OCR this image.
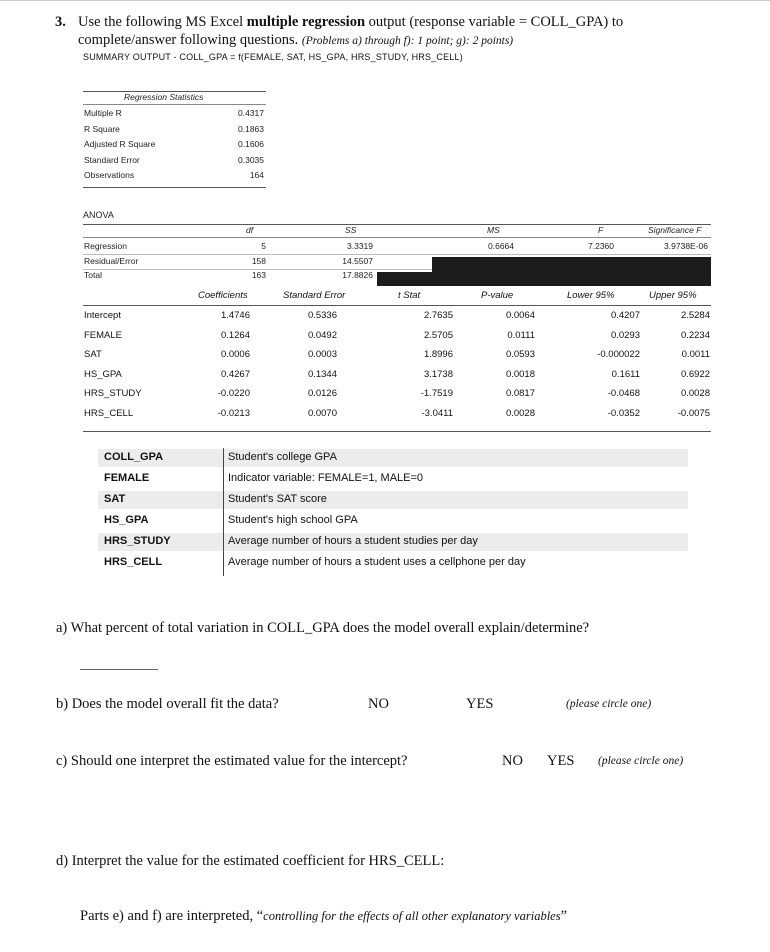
3. Use the following MS Excel multiple regression output (response variable = COLL_GPA) to
complete/answer following questions. (Problems a) through f): 1 point; g): 2 points)
SUMMARY OUTPUT - COLL_GPA = f(FEMALE, SAT, HS_GPA, HRS_STUDY, HRS_CELL)
Regression Statistics
Multiple R	0.4317
R Square	0.1863
Adjusted R Square	0.1606
Standard Error	0.3035
Observations	164
ANOVA
df	SS	MS	F	Significance F
Regression	5	3.3319	0.6664	7.2360	3.9738E-06
Residual/Error	158	14.5507
Total	163	17.8826
Coefficients	Standard Error	t Stat	P-value	Lower 95%	Upper 95%
Intercept	1.4746	0.5336	2.7635	0.0064	0.4207	2.5284
FEMALE	0.1264	0.0492	2.5705	0.0111	0.0293	0.2234
SAT	0.0006	0.0003	1.8996	0.0593	-0.000022	0.0011
HS_GPA	0.4267	0.1344	3.1738	0.0018	0.1611	0.6922
HRS_STUDY	-0.0220	0.0126	-1.7519	0.0817	-0.0468	0.0028
HRS_CELL	-0.0213	0.0070	-3.0411	0.0028	-0.0352	-0.0075
COLL_GPA	Student's college GPA
FEMALE	Indicator variable: FEMALE=1, MALE=0
SAT	Student's SAT score
HS_GPA	Student's high school GPA
HRS_STUDY	Average number of hours a student studies per day
HRS_CELL	Average number of hours a student uses a cellphone per day
a) What percent of total variation in COLL_GPA does the model overall explain/determine?
b) Does the model overall fit the data?	NO	YES	(please circle one)
c) Should one interpret the estimated value for the intercept?	NO YES (please circle one)
d) Interpret the value for the estimated coefficient for HRS_CELL:
Parts e) and f) are interpreted, “controlling for the effects of all other explanatory variables”
